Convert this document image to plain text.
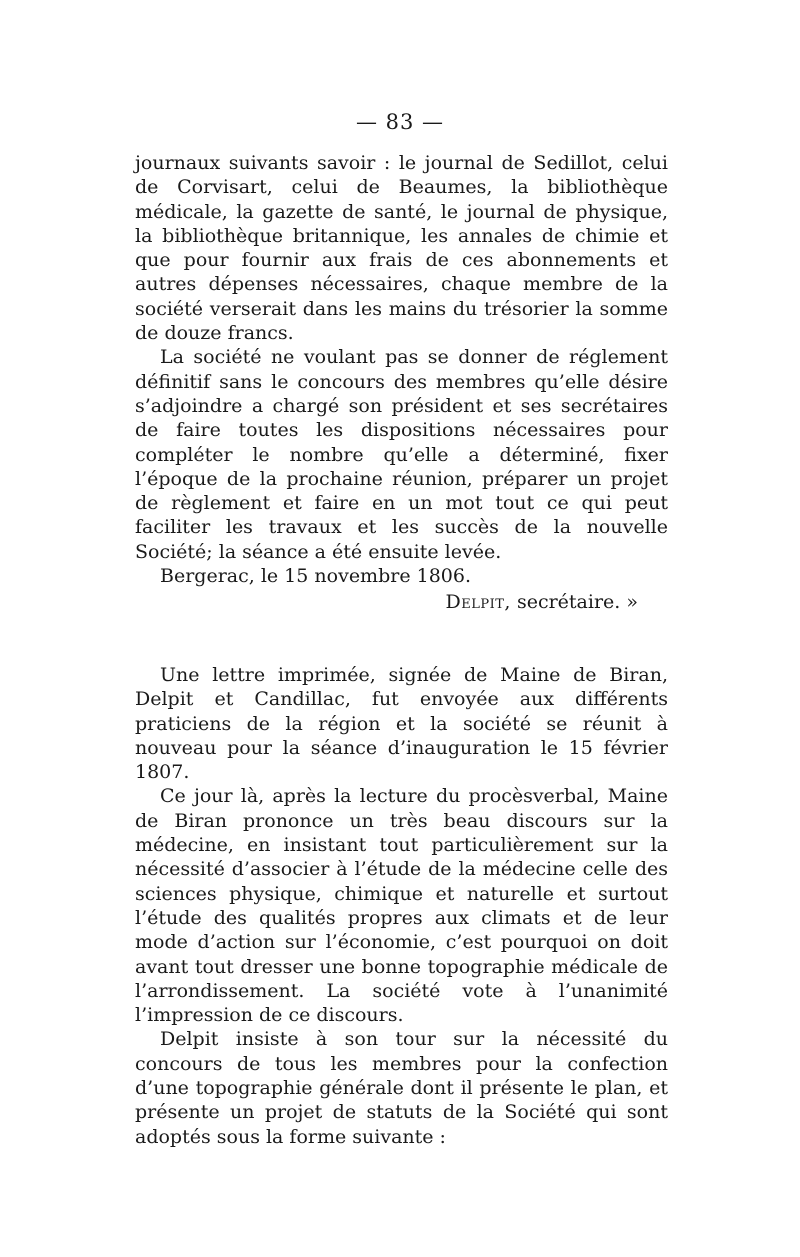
— 83 —

journaux suivants savoir : le journal de Sedillot, celui de Corvisart, celui de Beaumes, la bibliothèque médicale, la gazette de santé, le journal de physique, la bibliothèque britannique, les annales de chimie et que pour fournir aux frais de ces abonnements et autres dépenses nécessaires, chaque membre de la société verserait dans les mains du trésorier la somme de douze francs.

La société ne voulant pas se donner de réglement définitif sans le concours des membres qu’elle désire s’adjoindre a chargé son président et ses secrétaires de faire toutes les dispositions nécessaires pour compléter le nombre qu’elle a déterminé, fixer l’époque de la prochaine réunion, préparer un projet de règlement et faire en un mot tout ce qui peut faciliter les travaux et les succès de la nouvelle Société; la séance a été ensuite levée.

Bergerac, le 15 novembre 1806.

Delpit, secrétaire. »

Une lettre imprimée, signée de Maine de Biran, Delpit et Candillac, fut envoyée aux différents praticiens de la région et la société se réunit à nouveau pour la séance d’inauguration le 15 février 1807.

Ce jour là, après la lecture du procèsverbal, Maine de Biran prononce un très beau discours sur la médecine, en insistant tout particulièrement sur la nécessité d’associer à l’étude de la médecine celle des sciences physique, chimique et naturelle et surtout l’étude des qualités propres aux climats et de leur mode d’action sur l’économie, c’est pourquoi on doit avant tout dresser une bonne topographie médicale de l’arrondissement. La société vote à l’unanimité l’impression de ce discours.

Delpit insiste à son tour sur la nécessité du concours de tous les membres pour la confection d’une topographie générale dont il présente le plan, et présente un projet de statuts de la Société qui sont adoptés sous la forme suivante :
